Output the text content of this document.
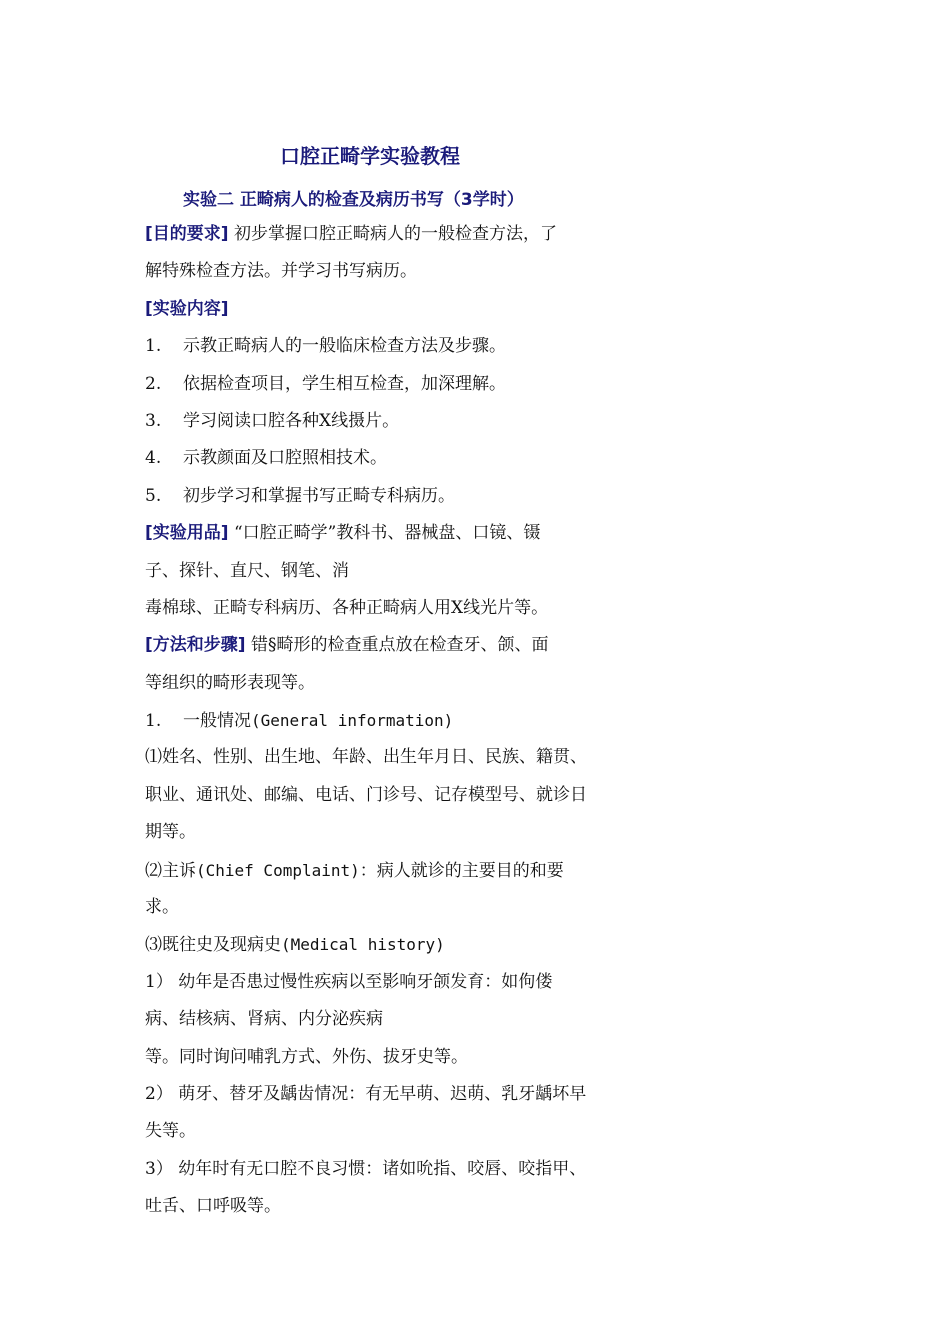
口腔正畸学实验教程
实验二 正畸病人的检查及病历书写（3学时）
[目的要求] 初步掌握口腔正畸病人的一般检查方法，了
解特殊检查方法。并学习书写病历。
[实验内容]
1. 示教正畸病人的一般临床检查方法及步骤。
2. 依据检查项目，学生相互检查，加深理解。
3. 学习阅读口腔各种X线摄片。
4. 示教颜面及口腔照相技术。
5. 初步学习和掌握书写正畸专科病历。
[实验用品] “口腔正畸学”教科书、器械盘、口镜、镊
子、探针、直尺、钢笔、消
毒棉球、正畸专科病历、各种正畸病人用X线光片等。
[方法和步骤] 错§畸形的检查重点放在检查牙、颌、面
等组织的畸形表现等。
1. 一般情况(General information)
⑴姓名、性别、出生地、年龄、出生年月日、民族、籍贯、
职业、通讯处、邮编、电话、门诊号、记存模型号、就诊日
期等。
⑵主诉(Chief Complaint)：病人就诊的主要目的和要
求。
⑶既往史及现病史(Medical history)
1） 幼年是否患过慢性疾病以至影响牙颌发育：如佝偻
病、结核病、肾病、内分泌疾病
等。同时询问哺乳方式、外伤、拔牙史等。
2） 萌牙、替牙及龋齿情况：有无早萌、迟萌、乳牙龋坏早
失等。
3） 幼年时有无口腔不良习惯：诸如吮指、咬唇、咬指甲、
吐舌、口呼吸等。
